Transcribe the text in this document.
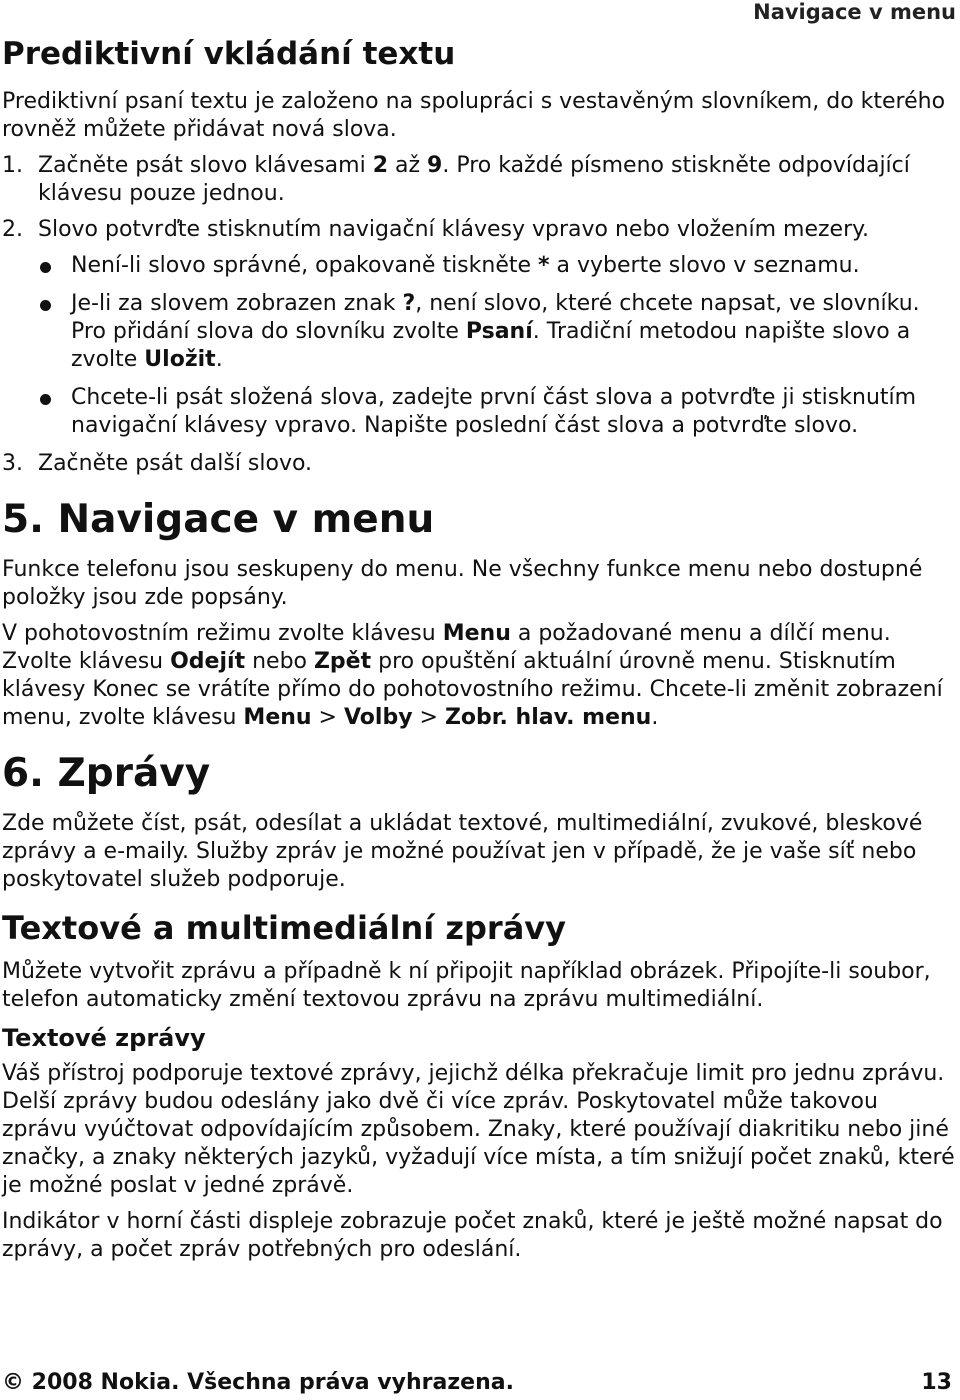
Navigace v menu
Prediktivní vkládání textu

Prediktivní psaní textu je založeno na spolupráci s vestavěným slovníkem, do kterého rovněž můžete přidávat nová slova.

1. Začněte psát slovo klávesami 2 až 9. Pro každé písmeno stiskněte odpovídající klávesu pouze jednou.
2. Slovo potvrďte stisknutím navigační klávesy vpravo nebo vložením mezery.
Není-li slovo správné, opakovaně tiskněte * a vyberte slovo v seznamu.
Je-li za slovem zobrazen znak ?, není slovo, které chcete napsat, ve slovníku. Pro přidání slova do slovníku zvolte Psaní. Tradiční metodou napište slovo a zvolte Uložit.
Chcete-li psát složená slova, zadejte první část slova a potvrďte ji stisknutím navigační klávesy vpravo. Napište poslední část slova a potvrďte slovo.
3. Začněte psát další slovo.
5. Navigace v menu

Funkce telefonu jsou seskupeny do menu. Ne všechny funkce menu nebo dostupné položky jsou zde popsány.

V pohotovostním režimu zvolte klávesu Menu a požadované menu a dílčí menu. Zvolte klávesu Odejít nebo Zpět pro opuštění aktuální úrovně menu. Stisknutím klávesy Konec se vrátíte přímo do pohotovostního režimu. Chcete-li změnit zobrazení menu, zvolte klávesu Menu > Volby > Zobr. hlav. menu.

6. Zprávy

Zde můžete číst, psát, odesílat a ukládat textové, multimediální, zvukové, bleskové zprávy a e-maily. Služby zpráv je možné používat jen v případě, že je vaše síť nebo poskytovatel služeb podporuje.

Textové a multimediální zprávy

Můžete vytvořit zprávu a případně k ní připojit například obrázek. Připojíte-li soubor, telefon automaticky změní textovou zprávu na zprávu multimediální.

Textové zprávy

Váš přístroj podporuje textové zprávy, jejichž délka překračuje limit pro jednu zprávu. Delší zprávy budou odeslány jako dvě či více zpráv. Poskytovatel může takovou zprávu vyúčtovat odpovídajícím způsobem. Znaky, které používají diakritiku nebo jiné značky, a znaky některých jazyků, vyžadují více místa, a tím snižují počet znaků, které je možné poslat v jedné zprávě.

Indikátor v horní části displeje zobrazuje počet znaků, které je ještě možné napsat do zprávy, a počet zpráv potřebných pro odeslání.

© 2008 Nokia. Všechna práva vyhrazena.	13
